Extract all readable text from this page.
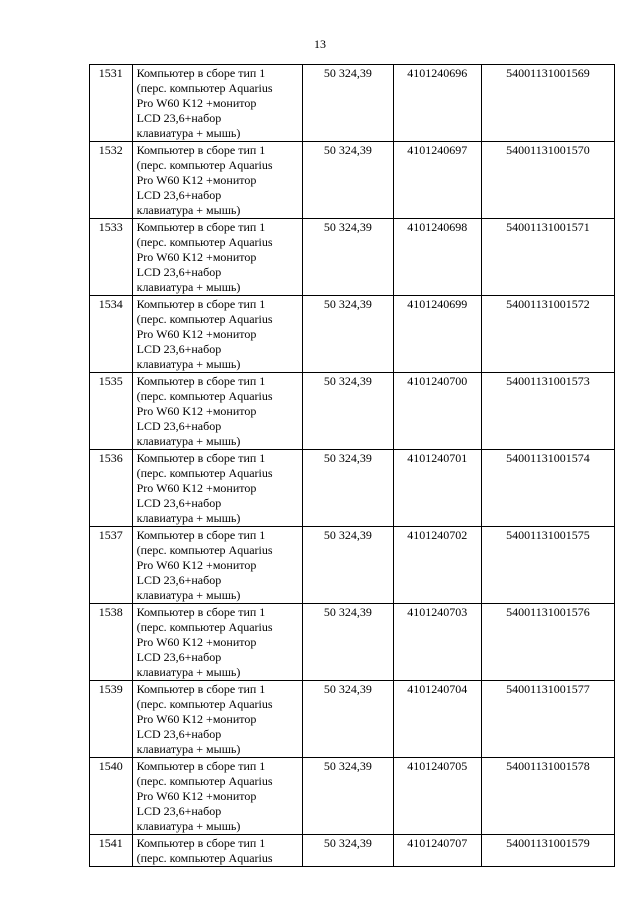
13
1531	Компьютер в сборе тип 1
(перс. компьютер Aquarius
Pro W60 K12 +монитор
LCD 23,6+набор
клавиатура + мышь)	50 324,39	4101240696	54001131001569
1532	Компьютер в сборе тип 1
(перс. компьютер Aquarius
Pro W60 K12 +монитор
LCD 23,6+набор
клавиатура + мышь)	50 324,39	4101240697	54001131001570
1533	Компьютер в сборе тип 1
(перс. компьютер Aquarius
Pro W60 K12 +монитор
LCD 23,6+набор
клавиатура + мышь)	50 324,39	4101240698	54001131001571
1534	Компьютер в сборе тип 1
(перс. компьютер Aquarius
Pro W60 K12 +монитор
LCD 23,6+набор
клавиатура + мышь)	50 324,39	4101240699	54001131001572
1535	Компьютер в сборе тип 1
(перс. компьютер Aquarius
Pro W60 K12 +монитор
LCD 23,6+набор
клавиатура + мышь)	50 324,39	4101240700	54001131001573
1536	Компьютер в сборе тип 1
(перс. компьютер Aquarius
Pro W60 K12 +монитор
LCD 23,6+набор
клавиатура + мышь)	50 324,39	4101240701	54001131001574
1537	Компьютер в сборе тип 1
(перс. компьютер Aquarius
Pro W60 K12 +монитор
LCD 23,6+набор
клавиатура + мышь)	50 324,39	4101240702	54001131001575
1538	Компьютер в сборе тип 1
(перс. компьютер Aquarius
Pro W60 K12 +монитор
LCD 23,6+набор
клавиатура + мышь)	50 324,39	4101240703	54001131001576
1539	Компьютер в сборе тип 1
(перс. компьютер Aquarius
Pro W60 K12 +монитор
LCD 23,6+набор
клавиатура + мышь)	50 324,39	4101240704	54001131001577
1540	Компьютер в сборе тип 1
(перс. компьютер Aquarius
Pro W60 K12 +монитор
LCD 23,6+набор
клавиатура + мышь)	50 324,39	4101240705	54001131001578
1541	Компьютер в сборе тип 1
(перс. компьютер Aquarius	50 324,39	4101240707	54001131001579
